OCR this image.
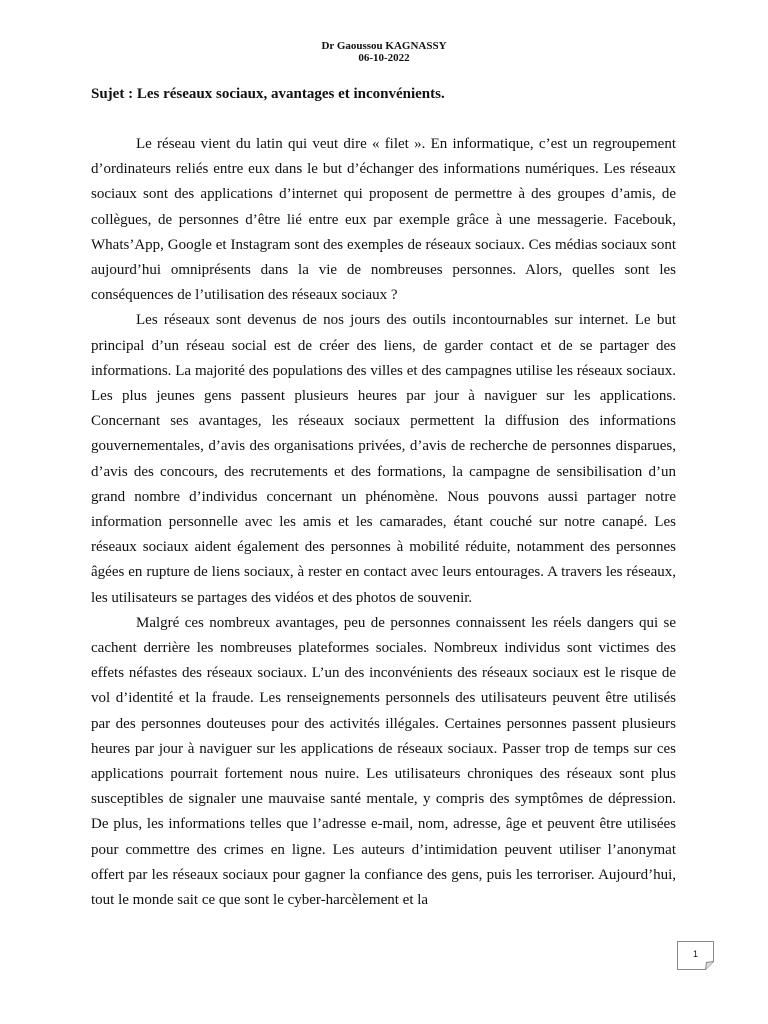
Dr Gaoussou KAGNASSY
06-10-2022
Sujet : Les réseaux sociaux, avantages et inconvénients.

Le réseau vient du latin qui veut dire « filet ». En informatique, c’est un regroupement d’ordinateurs reliés entre eux dans le but d’échanger des informations numériques. Les réseaux sociaux sont des applications d’internet qui proposent de permettre à des groupes d’amis, de collègues, de personnes d’être lié entre eux par exemple grâce à une messagerie. Facebouk, Whats’App, Google et Instagram sont des exemples de réseaux sociaux. Ces médias sociaux sont aujourd’hui omniprésents dans la vie de nombreuses personnes. Alors, quelles sont les conséquences de l’utilisation des réseaux sociaux ?

Les réseaux sont devenus de nos jours des outils incontournables sur internet. Le but principal d’un réseau social est de créer des liens, de garder contact et de se partager des informations. La majorité des populations des villes et des campagnes utilise les réseaux sociaux. Les plus jeunes gens passent plusieurs heures par jour à naviguer sur les applications. Concernant ses avantages, les réseaux sociaux permettent la diffusion des informations gouvernementales, d’avis des organisations privées, d’avis de recherche de personnes disparues, d’avis des concours, des recrutements et des formations, la campagne de sensibilisation d’un grand nombre d’individus concernant un phénomène. Nous pouvons aussi partager notre information personnelle avec les amis et les camarades, étant couché sur notre canapé. Les réseaux sociaux aident également des personnes à mobilité réduite, notamment des personnes âgées en rupture de liens sociaux, à rester en contact avec leurs entourages. A travers les réseaux, les utilisateurs se partages des vidéos et des photos de souvenir.

Malgré ces nombreux avantages, peu de personnes connaissent les réels dangers qui se cachent derrière les nombreuses plateformes sociales. Nombreux individus sont victimes des effets néfastes des réseaux sociaux. L’un des inconvénients des réseaux sociaux est le risque de vol d’identité et la fraude. Les renseignements personnels des utilisateurs peuvent être utilisés par des personnes douteuses pour des activités illégales. Certaines personnes passent plusieurs heures par jour à naviguer sur les applications de réseaux sociaux. Passer trop de temps sur ces applications pourrait fortement nous nuire. Les utilisateurs chroniques des réseaux sont plus susceptibles de signaler une mauvaise santé mentale, y compris des symptômes de dépression. De plus, les informations telles que l’adresse e-mail, nom, adresse, âge et peuvent être utilisées pour commettre des crimes en ligne. Les auteurs d’intimidation peuvent utiliser l’anonymat offert par les réseaux sociaux pour gagner la confiance des gens, puis les terroriser. Aujourd’hui, tout le monde sait ce que sont le cyber-harcèlement et la

1
